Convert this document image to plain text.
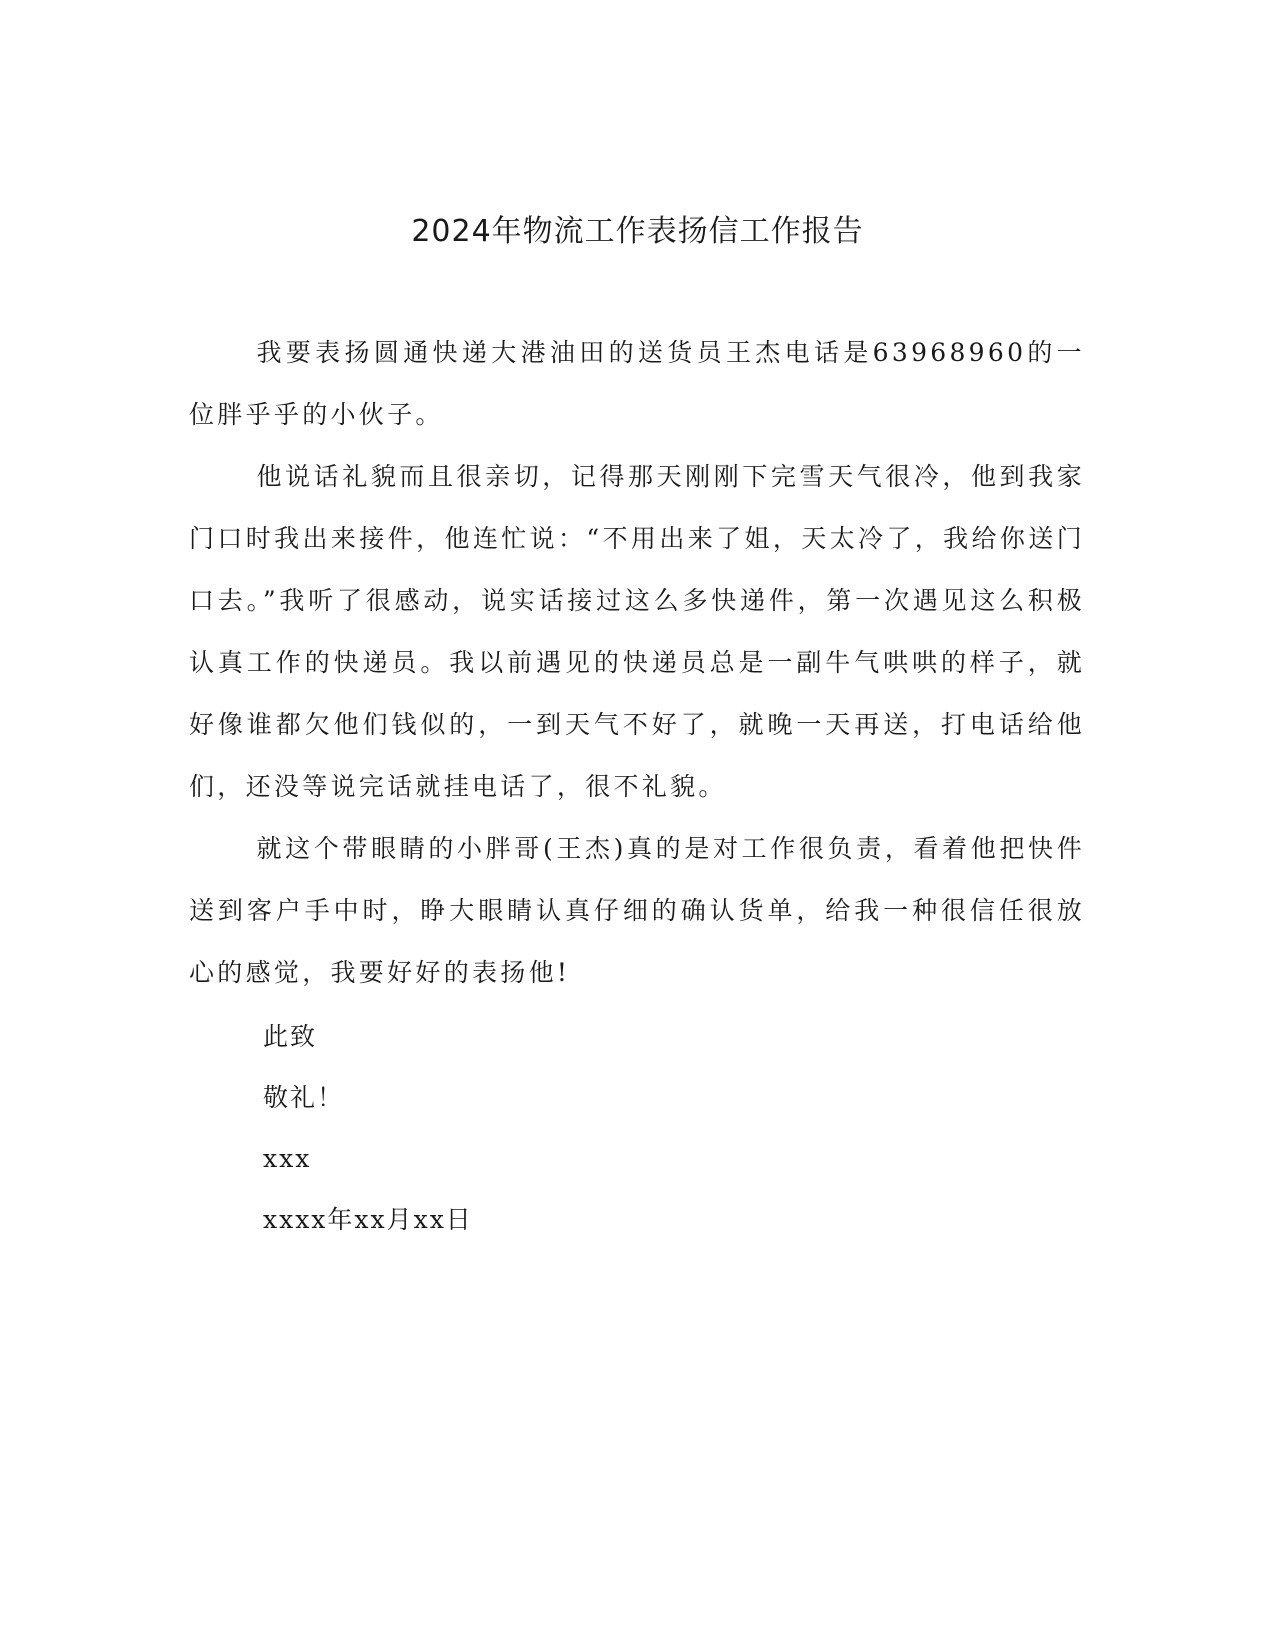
2024年物流工作表扬信工作报告

我要表扬圆通快递大港油田的送货员王杰电话是63968960的一位胖乎乎的小伙子。

他说话礼貌而且很亲切，记得那天刚刚下完雪天气很冷，他到我家门口时我出来接件，他连忙说：“不用出来了姐，天太冷了，我给你送门口去。”我听了很感动，说实话接过这么多快递件，第一次遇见这么积极认真工作的快递员。我以前遇见的快递员总是一副牛气哄哄的样子，就好像谁都欠他们钱似的，一到天气不好了，就晚一天再送，打电话给他们，还没等说完话就挂电话了，很不礼貌。

就这个带眼睛的小胖哥(王杰)真的是对工作很负责，看着他把快件送到客户手中时，睁大眼睛认真仔细的确认货单，给我一种很信任很放心的感觉，我要好好的表扬他!

此致
敬礼！
xxx
xxxx年xx月xx日
